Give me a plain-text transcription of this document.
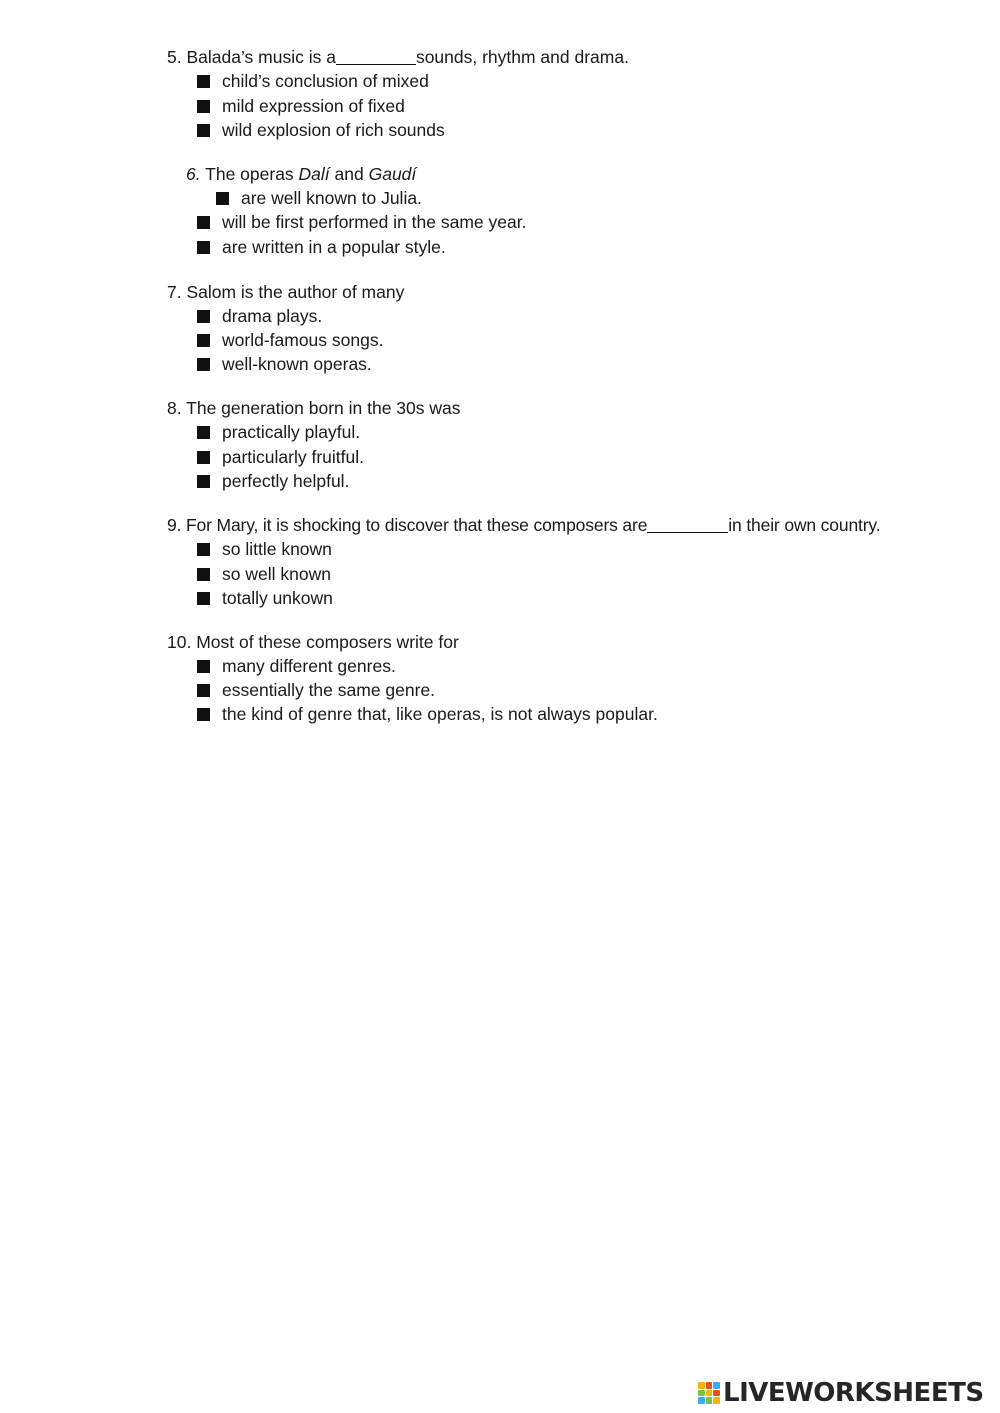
5. Balada’s music is a	sounds, rhythm and drama.
child’s conclusion of mixed
mild expression of fixed
wild explosion of rich sounds
6. The operas Dalí and Gaudí
are well known to Julia.
will be first performed in the same year.
are written in a popular style.
7. Salom is the author of many
drama plays.
world-famous songs.
well-known operas.
8. The generation born in the 30s was
practically playful.
particularly fruitful.
perfectly helpful.
9. For Mary, it is shocking to discover that these composers are	in their own country.
so little known
so well known
totally unkown
10. Most of these composers write for
many different genres.
essentially the same genre.
the kind of genre that, like operas, is not always popular.
LIVEWORKSHEETS
